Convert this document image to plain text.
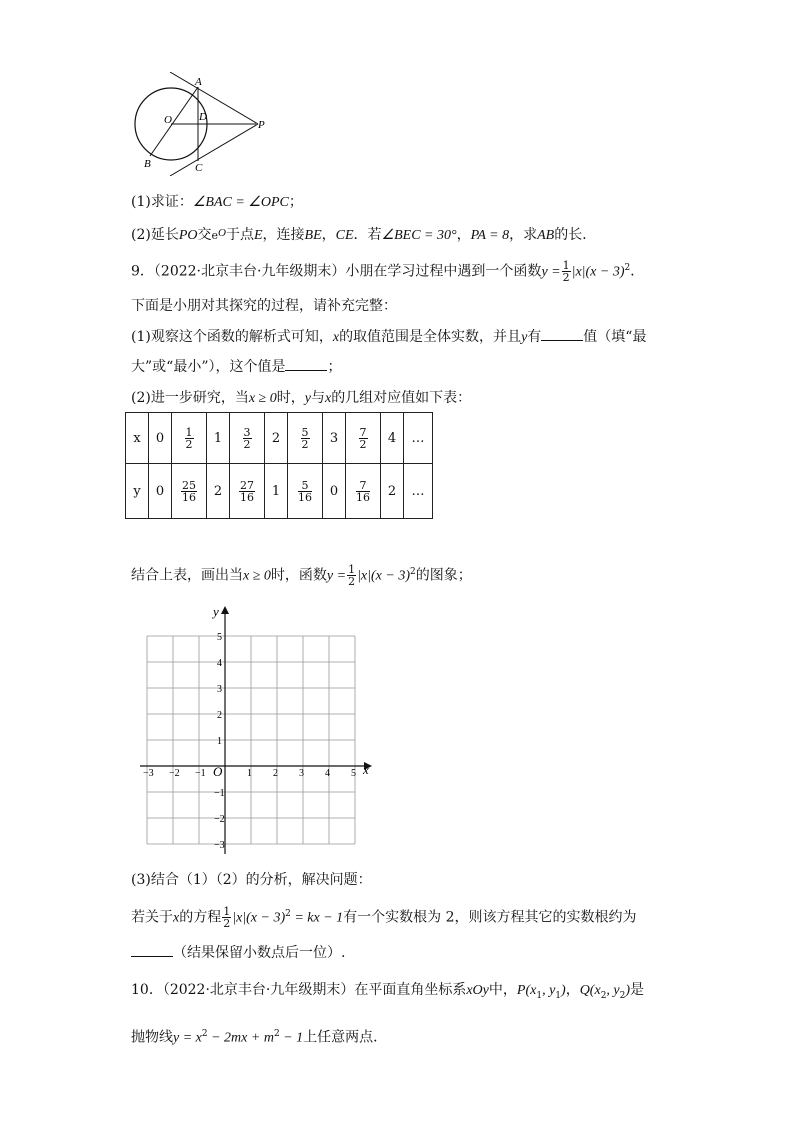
A
O D
P
B	C
(1)求证：∠BAC = ∠OPC；
(2)延长PO交$e^O$于点E，连接BE，CE．若∠BEC = 30°，PA = 8，求AB的长．
9．（2022·北京丰台·九年级期末）小朋在学习过程中遇到一个函数$y = \frac{1}{2} |x|(x - 3)^2$．
下面是小朋对其探究的过程，请补充完整：
(1)观察这个函数的解析式可知，x的取值范围是全体实数，并且y有	值（填“最
大”或“最小”），这个值是	；
(2)进一步研究，当x ≥ 0时，y与x的几组对应值如下表：
x	0	$\frac{1}{2}$	1	$\frac{3}{2}$	2	$\frac{5}{2}$	3	$\frac{7}{2}$	4	…
y	0	$\frac{25}{16}$	2	$\frac{27}{16}$	1	$\frac{5}{16}$	0	$\frac{7}{16}$	2	…
结合上表，画出当x ≥ 0时，函数$y = \frac{1}{2} |x|(x - 3)^2$的图象；
x
y
O
−3 −2 −1	1 2 3 4 5
5
4
3
2
1
−1
−2
−3
(3)结合（1）（2）的分析，解决问题：
若关于x的方程 $\frac{1}{2} |x|(x - 3)^2$ = kx − 1有一个实数根为 2，则该方程其它的实数根约为
（结果保留小数点后一位）.
10．（2022·北京丰台·九年级期末）在平面直角坐标系xOy中，$P(x_1$, $y_1$)，$Q(x_2$, $y_2$)是
抛物线$y = x^2 - 2mx + m^2 - 1$上任意两点．
